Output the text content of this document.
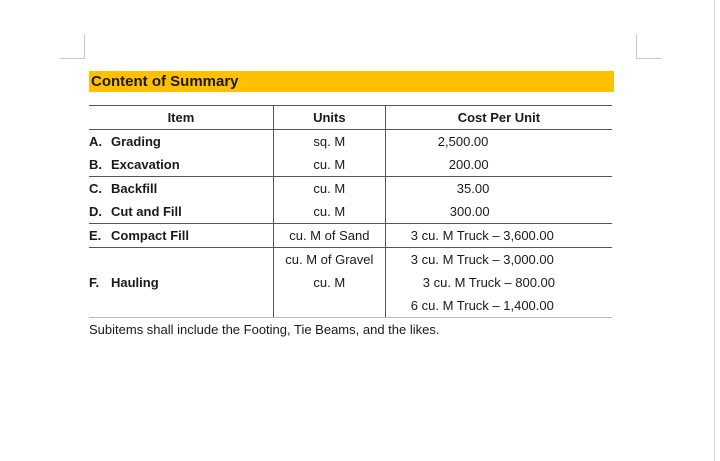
Content of Summary
Item	Units	Cost Per Unit
A. Grading	sq. M	2,500.00
B. Excavation	cu. M	200.00
C. Backfill	cu. M	35.00
D. Cut and Fill	cu. M	300.00
E. Compact Fill	cu. M of Sand	3 cu. M Truck – 3,600.00
F. Hauling	cu. M of Gravel	3 cu. M Truck – 3,000.00
	cu. M	3 cu. M Truck – 800.00
		6 cu. M Truck – 1,400.00
Subitems shall include the Footing, Tie Beams, and the likes.
